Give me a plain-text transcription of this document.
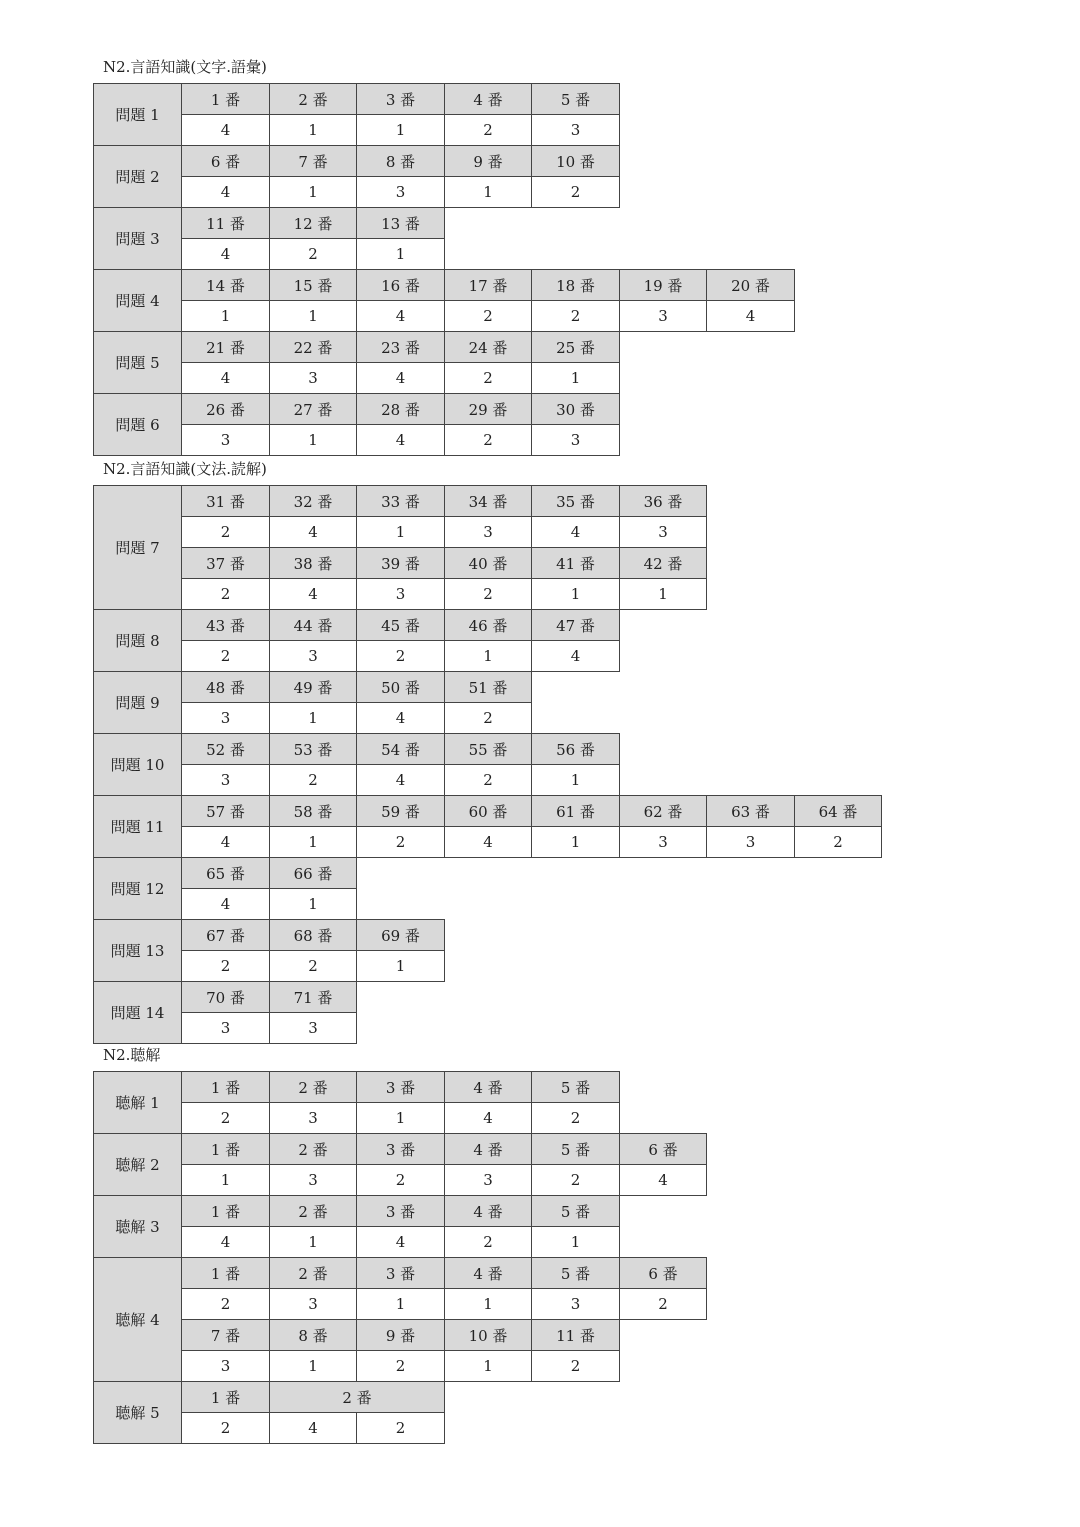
N2.言語知識(文字.語彙)
問題 1
1 番
4
2 番
1
3 番
1
4 番
2
5 番
3
問題 2
6 番
4
7 番
1
8 番
3
9 番
1
10 番
2
問題 3
11 番
4
12 番
2
13 番
1
問題 4
14 番
1
15 番
1
16 番
4
17 番
2
18 番
2
19 番
3
20 番
4
問題 5
21 番
4
22 番
3
23 番
4
24 番
2
25 番
1
問題 6
26 番
3
27 番
1
28 番
4
29 番
2
30 番
3
N2.言語知識(文法.読解)
問題 7
31 番
2
32 番
4
33 番
1
34 番
3
35 番
4
36 番
3
37 番
2
38 番
4
39 番
3
40 番
2
41 番
1
42 番
1
問題 8
43 番
2
44 番
3
45 番
2
46 番
1
47 番
4
問題 9
48 番
3
49 番
1
50 番
4
51 番
2
問題 10
52 番
3
53 番
2
54 番
4
55 番
2
56 番
1
問題 11
57 番
4
58 番
1
59 番
2
60 番
4
61 番
1
62 番
3
63 番
3
64 番
2
問題 12
65 番
4
66 番
1
問題 13
67 番
2
68 番
2
69 番
1
問題 14
70 番
3
71 番
3
N2.聴解
聴解 1
1 番
2
2 番
3
3 番
1
4 番
4
5 番
2
聴解 2
1 番
1
2 番
3
3 番
2
4 番
3
5 番
2
6 番
4
聴解 3
1 番
4
2 番
1
3 番
4
4 番
2
5 番
1
聴解 4
1 番
2
2 番
3
3 番
1
4 番
1
5 番
3
6 番
2
7 番
3
8 番
1
9 番
2
10 番
1
11 番
2
聴解 5
1 番
2
2 番
4	2
